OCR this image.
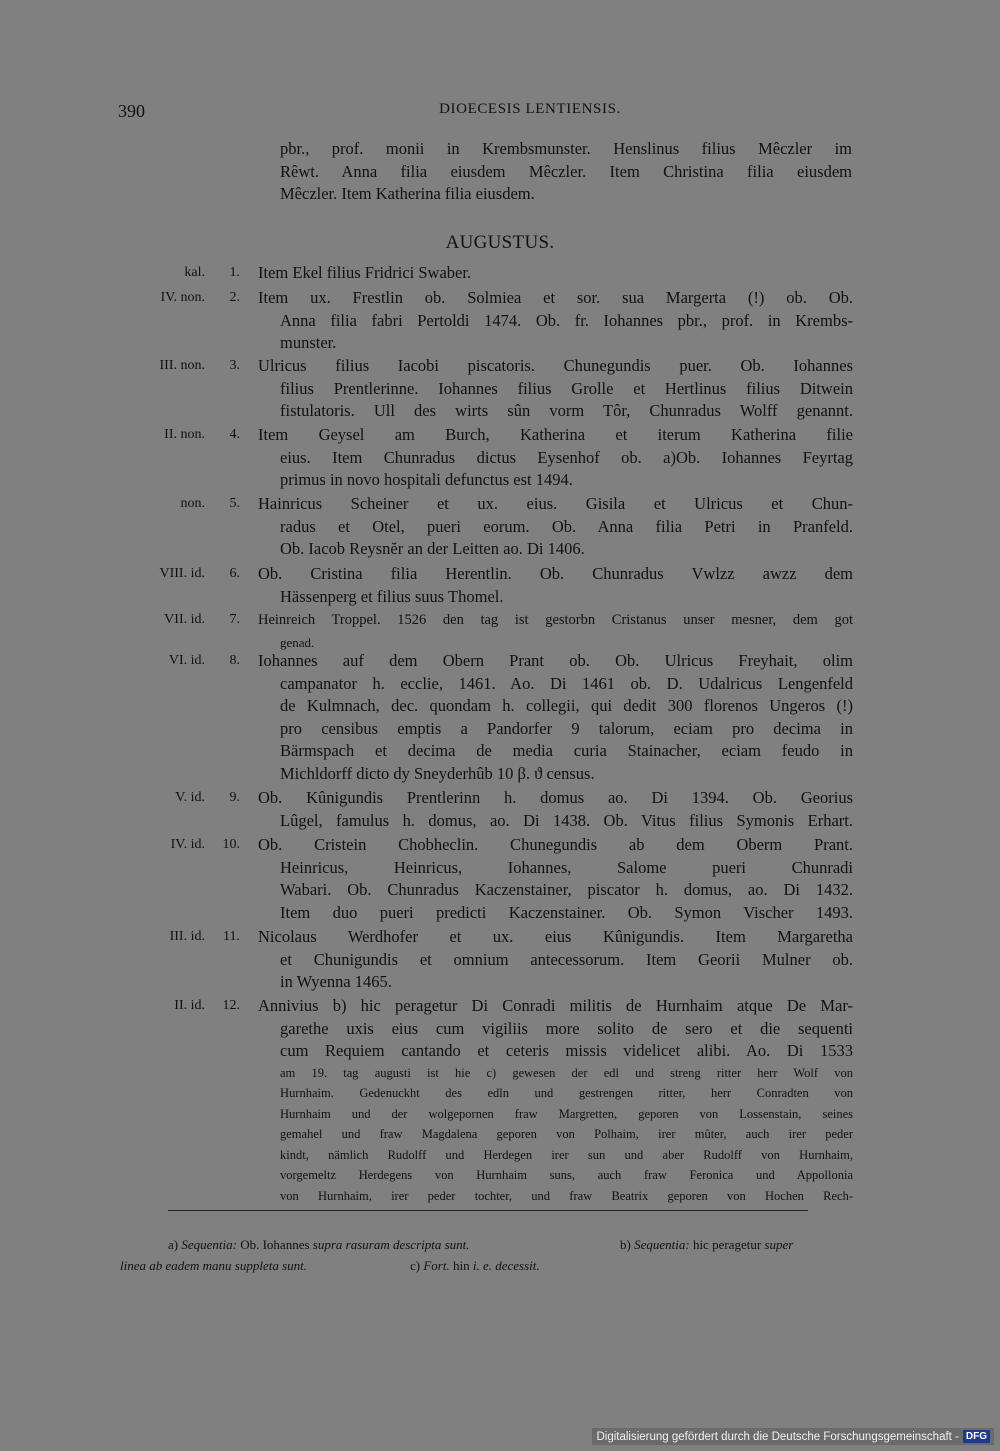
390	DIOECESIS LENTIENSIS.
pbr., prof. monii in Krembsmunster. Henslinus filius Mêczler im
Rêwt. Anna filia eiusdem Mêczler. Item Christina filia eiusdem
Mêczler. Item Katherina filia eiusdem.
AUGUSTUS.
kal. 1. Item Ekel filius Fridrici Swaber.
IV. non. 2. Item ux. Frestlin ob. Solmiea et sor. sua Margerta (!) ob. Ob.
Anna filia fabri Pertoldi 1474. Ob. fr. Iohannes pbr., prof. in Krembs-
munster.
III. non. 3. Ulricus filius Iacobi piscatoris. Chunegundis puer. Ob. Iohannes
filius Prentlerinne. Iohannes filius Grolle et Hertlinus filius Ditwein
fistulatoris. Ull des wirts sûn vorm Tôr, Chunradus Wolff genannt.
II. non. 4. Item Geysel am Burch, Katherina et iterum Katherina filie
eius. Item Chunradus dictus Eysenhof ob. a)Ob. Iohannes Feyrtag
primus in novo hospitali defunctus est 1494.
non. 5. Hainricus Scheiner et ux. eius. Gisila et Ulricus et Chun-
radus et Otel, pueri eorum. Ob. Anna filia Petri in Pranfeld.
Ob. Iacob Reysnĕr an der Leitten ao. Di 1406.
VIII. id. 6. Ob. Cristina filia Herentlin. Ob. Chunradus Vwlzz awzz dem
Hässenperg et filius suus Thomel.
VII. id. 7. Heinreich Troppel. 1526 den tag ist gestorbn Cristanus unser mesner, dem got
genad.
VI. id. 8. Iohannes auf dem Obern Prant ob. Ob. Ulricus Freyhait, olim
campanator h. ecclie, 1461. Ao. Di 1461 ob. D. Udalricus Lengenfeld
de Kulmnach, dec. quondam h. collegii, qui dedit 300 florenos Ungeros (!)
pro censibus emptis a Pandorfer 9 talorum, eciam pro decima in
Bärmspach et decima de media curia Stainacher, eciam feudo in
Michldorff dicto dy Sneyderhûb 10 β. ϑ census.
V. id. 9. Ob. Kûnigundis Prentlerinn h. domus ao. Di 1394. Ob. Georius
Lûgel, famulus h. domus, ao. Di 1438. Ob. Vitus filius Symonis Erhart.
IV. id. 10. Ob. Cristein Chobheclin. Chunegundis ab dem Oberm Prant.
Heinricus, Heinricus, Iohannes, Salome pueri Chunradi
Wabari. Ob. Chunradus Kaczenstainer, piscator h. domus, ao. Di 1432.
Item duo pueri predicti Kaczenstainer. Ob. Symon Vischer 1493.
III. id. 11. Nicolaus Werdhofer et ux. eius Kûnigundis. Item Margaretha
et Chunigundis et omnium antecessorum. Item Georii Mulner ob.
in Wyenna 1465.
II. id. 12. Annivius b) hic peragetur Di Conradi militis de Hurnhaim atque De Mar-
garethe uxis eius cum vigiliis more solito de sero et die sequenti
cum Requiem cantando et ceteris missis videlicet alibi. Ao. Di 1533
am 19. tag augusti ist hie c) gewesen der edl und streng ritter herr Wolf von
Hurnhaim. Gedenuckht des edln und gestrengen ritter, herr Conradten von
Hurnhaim und der wolgepornen fraw Margretten, geporen von Lossenstain, seines
gemahel und fraw Magdalena geporen von Polhaim, irer mûter, auch irer peder
kindt, nämlich Rudolff und Herdegen irer sun und aber Rudolff von Hurnhaim,
vorgemeltz Herdegens von Hurnhaim suns, auch fraw Feronica und Appollonia
von Hurnhaim, irer peder tochter, und fraw Beatrix geporen von Hochen Rech-
a) Sequentia: Ob. Iohannes supra rasuram descripta sunt.	b) Sequentia: hic peragetur super
linea ab eadem manu suppleta sunt.	c) Fort. hin i. e. decessit.
Digitalisierung gefördert durch die Deutsche Forschungsgemeinschaft - DFG
